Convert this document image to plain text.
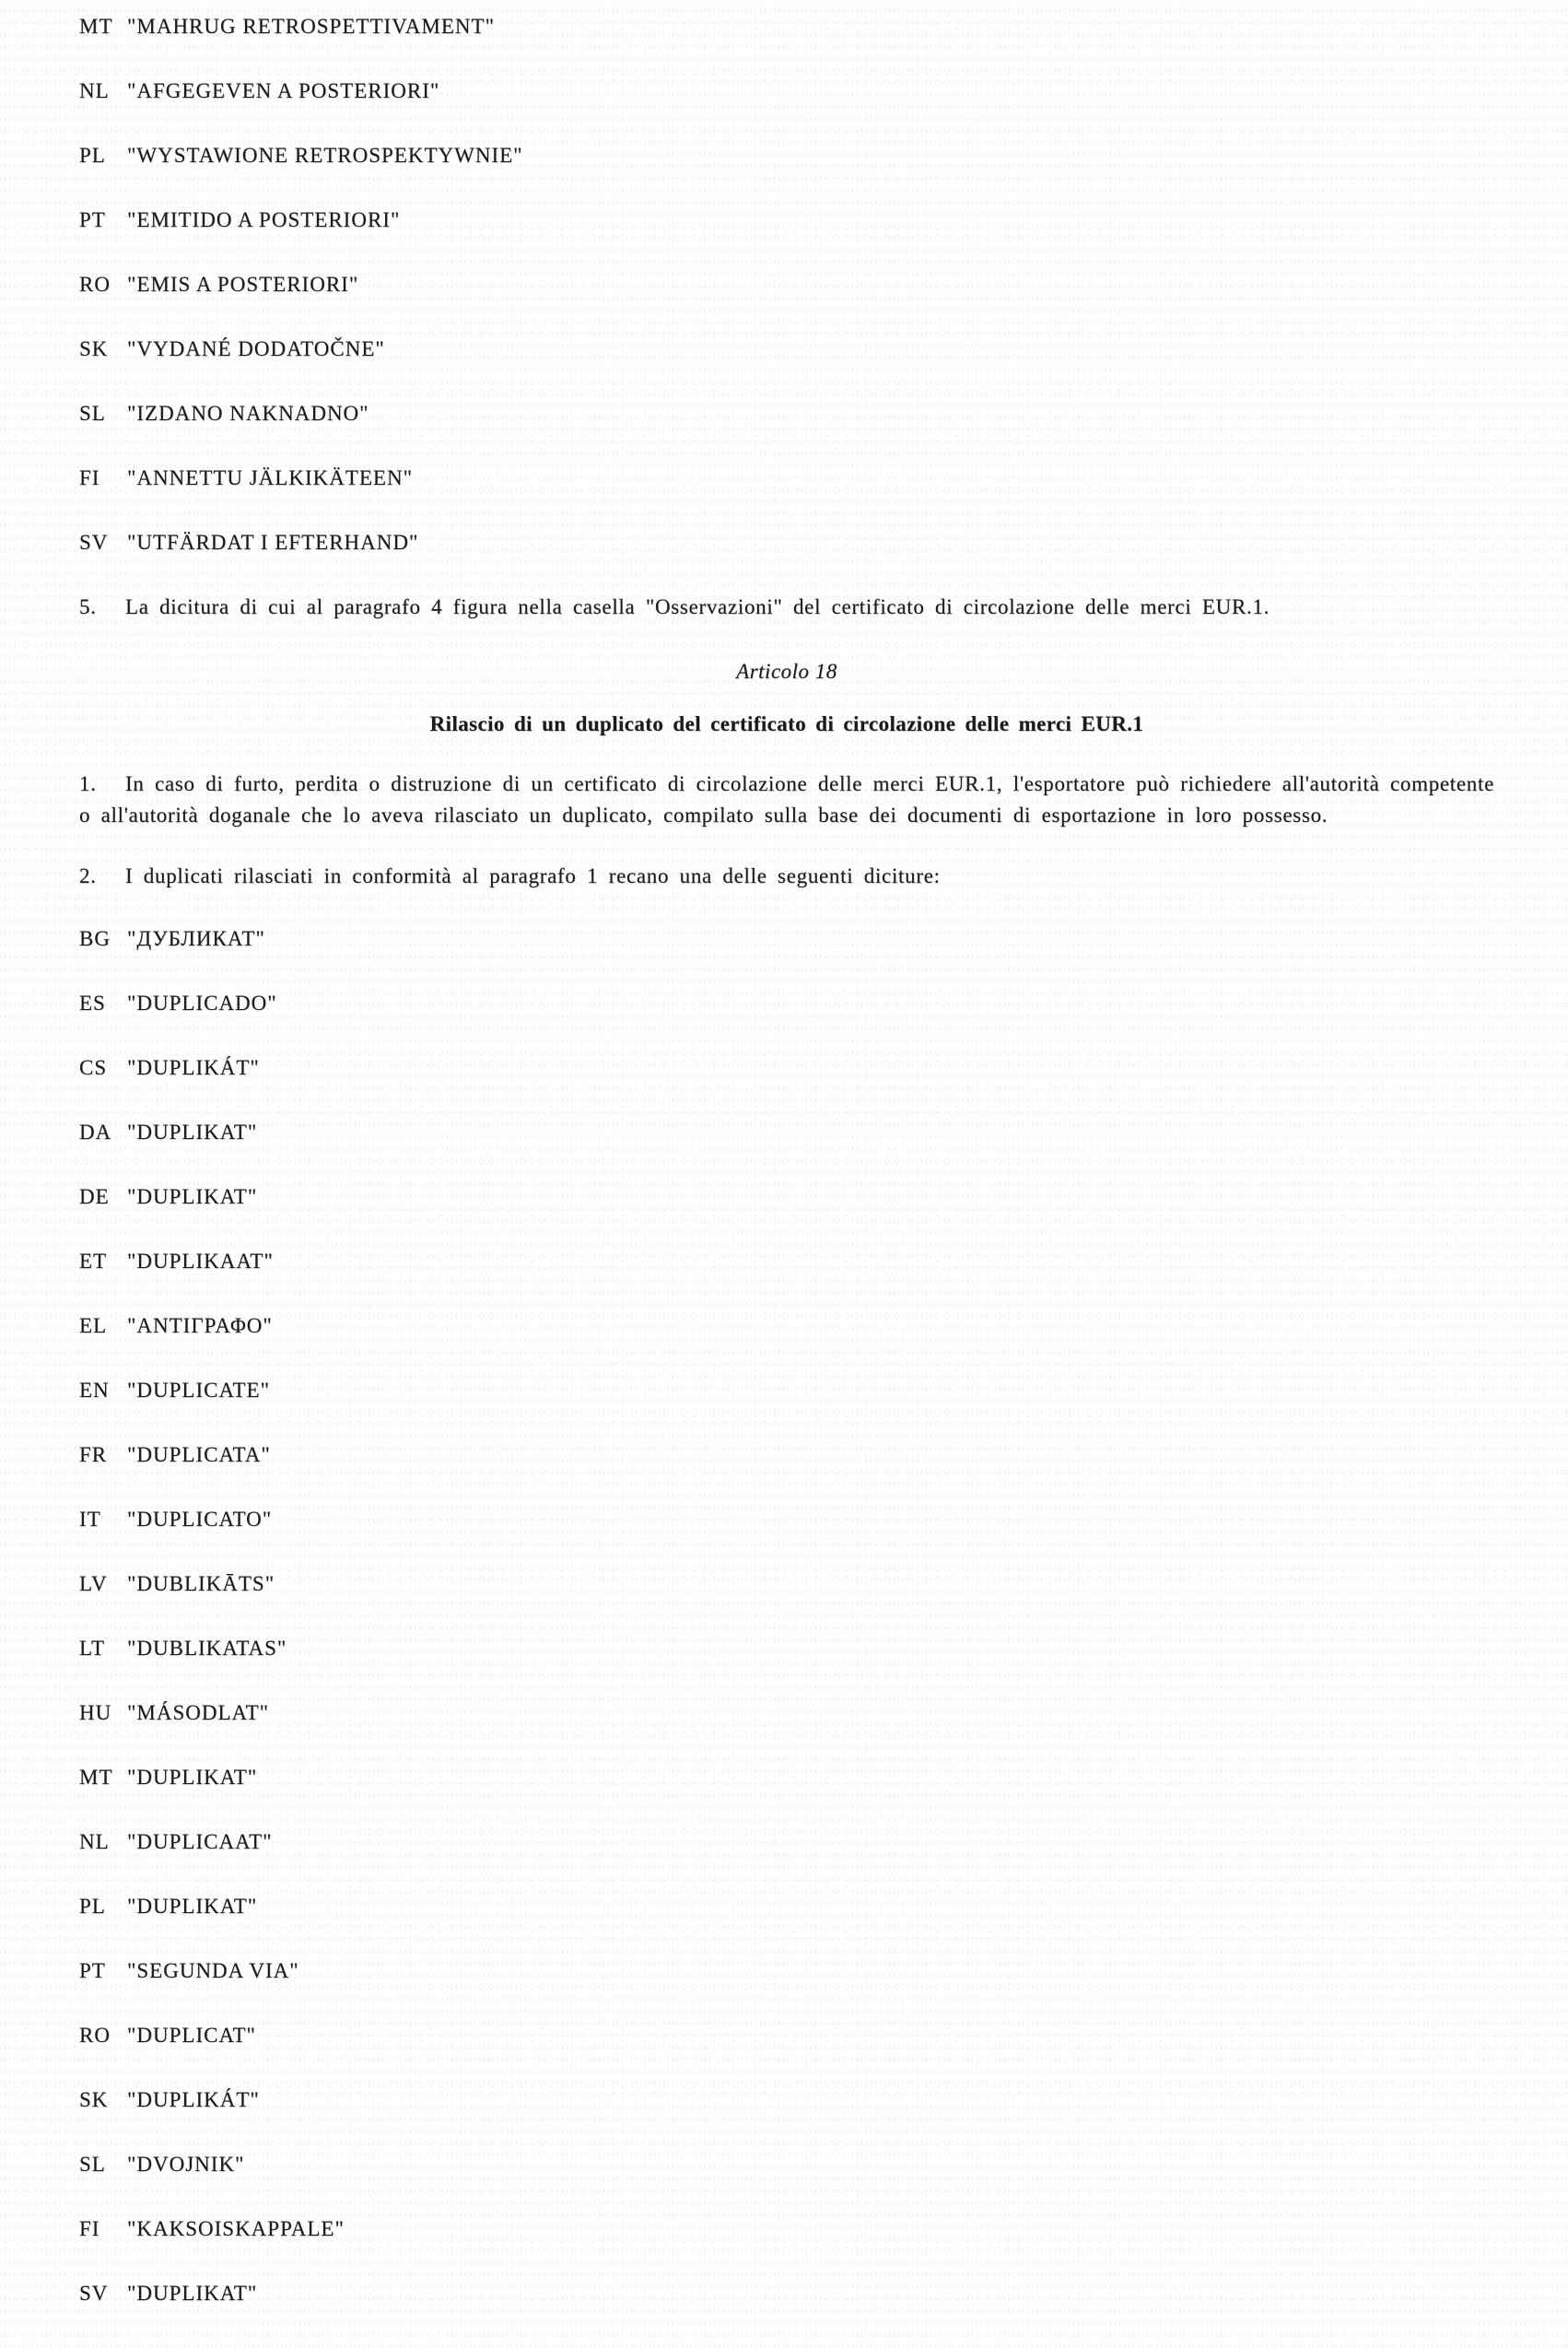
MT "MAHRUG RETROSPETTIVAMENT"
NL "AFGEGEVEN A POSTERIORI"
PL "WYSTAWIONE RETROSPEKTYWNIE"
PT "EMITIDO A POSTERIORI"
RO "EMIS A POSTERIORI"
SK "VYDANÉ DODATOČNE"
SL "IZDANO NAKNADNO"
FI "ANNETTU JÄLKIKÄTEEN"
SV "UTFÄRDAT I EFTERHAND"

5. La dicitura di cui al paragrafo 4 figura nella casella "Osservazioni" del certificato di circolazione delle merci EUR.1.

Articolo 18
Rilascio di un duplicato del certificato di circolazione delle merci EUR.1

1. In caso di furto, perdita o distruzione di un certificato di circolazione delle merci EUR.1, l'esportatore può richiedere all'autorità competente o all'autorità doganale che lo aveva rilasciato un duplicato, compilato sulla base dei documenti di esportazione in loro possesso.

2. I duplicati rilasciati in conformità al paragrafo 1 recano una delle seguenti diciture:

BG "ДУБЛИКАТ"
ES "DUPLICADO"
CS "DUPLIKÁT"
DA "DUPLIKAT"
DE "DUPLIKAT"
ET "DUPLIKAAT"
EL "ΑΝΤΙΓΡΑΦΟ"
EN "DUPLICATE"
FR "DUPLICATA"
IT "DUPLICATO"
LV "DUBLIKĀTS"
LT "DUBLIKATAS"
HU "MÁSODLAT"
MT "DUPLIKAT"
NL "DUPLICAAT"
PL "DUPLIKAT"
PT "SEGUNDA VIA"
RO "DUPLICAT"
SK "DUPLIKÁT"
SL "DVOJNIK"
FI "KAKSOISKAPPALE"
SV "DUPLIKAT"
